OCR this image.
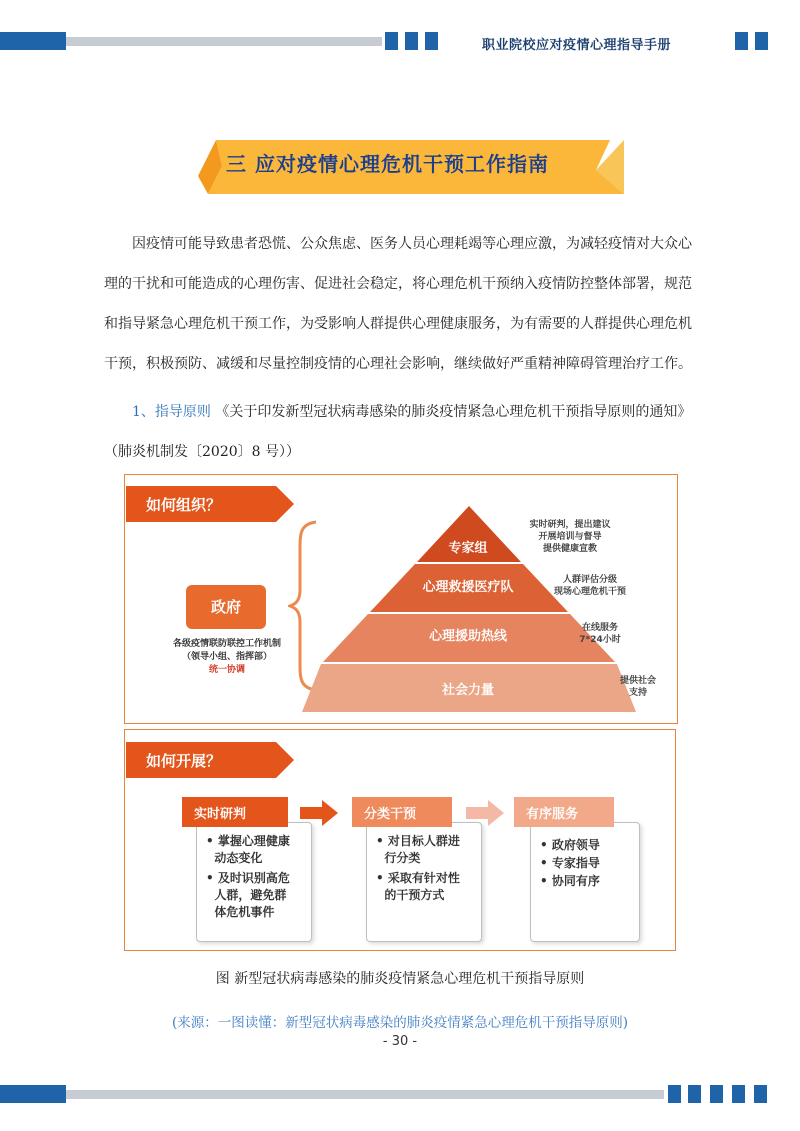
职业院校应对疫情心理指导手册
三 应对疫情心理危机干预工作指南
因疫情可能导致患者恐慌、公众焦虑、医务人员心理耗竭等心理应激，为减轻疫情对大众心
理的干扰和可能造成的心理伤害、促进社会稳定，将心理危机干预纳入疫情防控整体部署，规范
和指导紧急心理危机干预工作，为受影响人群提供心理健康服务，为有需要的人群提供心理危机
干预，积极预防、减缓和尽量控制疫情的心理社会影响，继续做好严重精神障碍管理治疗工作。
1、指导原则 《关于印发新型冠状病毒感染的肺炎疫情紧急心理危机干预指导原则的通知》
（肺炎机制发〔2020〕8 号））
如何组织？
政府
各级疫情联防联控工作机制
（领导小组、指挥部）
统一协调
专家组
心理救援医疗队
心理援助热线
社会力量
实时研判，提出建议
开展培训与督导
提供健康宣教
人群评估分级
现场心理危机干预
在线服务
7*24小时
提供社会
支持
如何开展？
实时研判
• 掌握心理健康
动态变化
• 及时识别高危
人群，避免群
体危机事件
分类干预
• 对目标人群进
行分类
• 采取有针对性
的干预方式
有序服务
• 政府领导
• 专家指导
• 协同有序
图 新型冠状病毒感染的肺炎疫情紧急心理危机干预指导原则
(来源：一图读懂：新型冠状病毒感染的肺炎疫情紧急心理危机干预指导原则)
- 30 -
